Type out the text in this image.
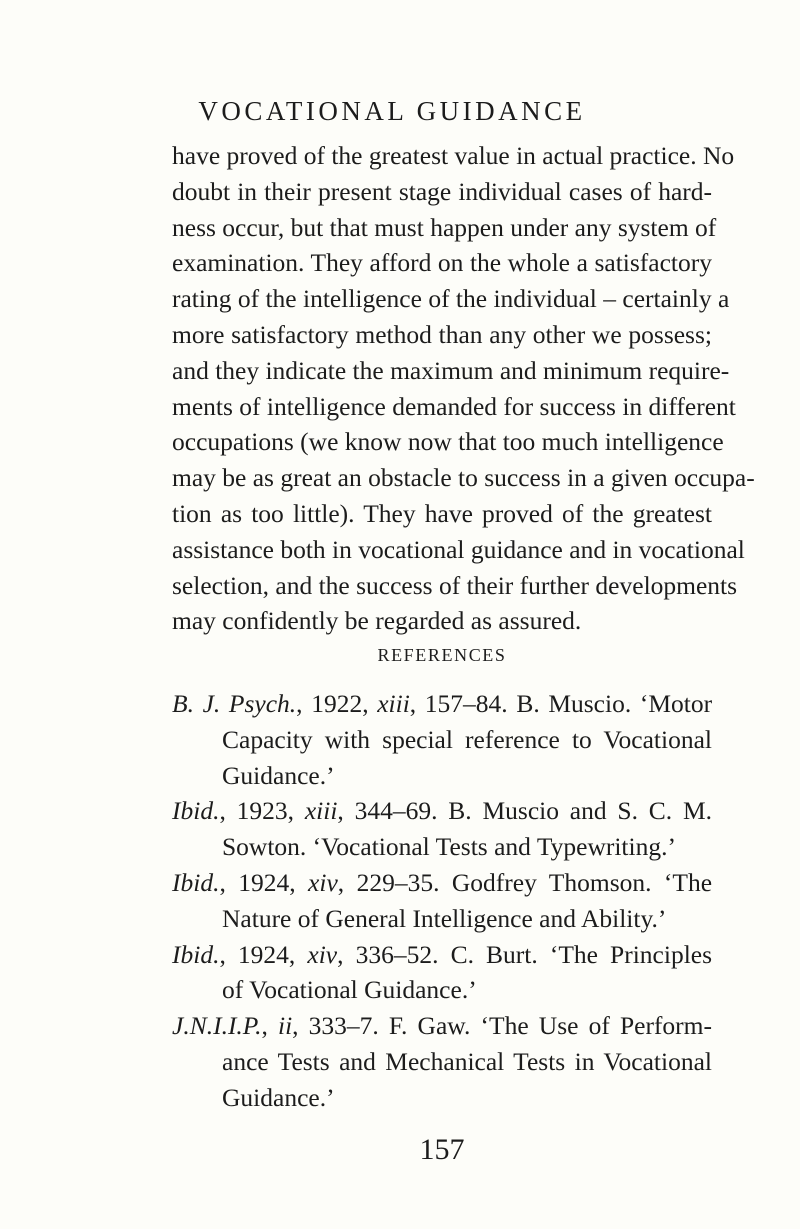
VOCATIONAL GUIDANCE
have proved of the greatest value in actual practice. No
doubt in their present stage individual cases of hard-
ness occur, but that must happen under any system of
examination. They afford on the whole a satisfactory
rating of the intelligence of the individual – certainly a
more satisfactory method than any other we possess;
and they indicate the maximum and minimum require-
ments of intelligence demanded for success in different
occupations (we know now that too much intelligence
may be as great an obstacle to success in a given occupa-
tion as too little). They have proved of the greatest
assistance both in vocational guidance and in vocational
selection, and the success of their further developments
may confidently be regarded as assured.
REFERENCES
B. J. Psych., 1922, xiii, 157–84. B. Muscio. ‘Motor
Capacity with special reference to Vocational
Guidance.’
Ibid., 1923, xiii, 344–69. B. Muscio and S. C. M.
Sowton. ‘Vocational Tests and Typewriting.’
Ibid., 1924, xiv, 229–35. Godfrey Thomson. ‘The
Nature of General Intelligence and Ability.’
Ibid., 1924, xiv, 336–52. C. Burt. ‘The Principles
of Vocational Guidance.’
J.N.I.I.P., ii, 333–7. F. Gaw. ‘The Use of Perform-
ance Tests and Mechanical Tests in Vocational
Guidance.’
157
